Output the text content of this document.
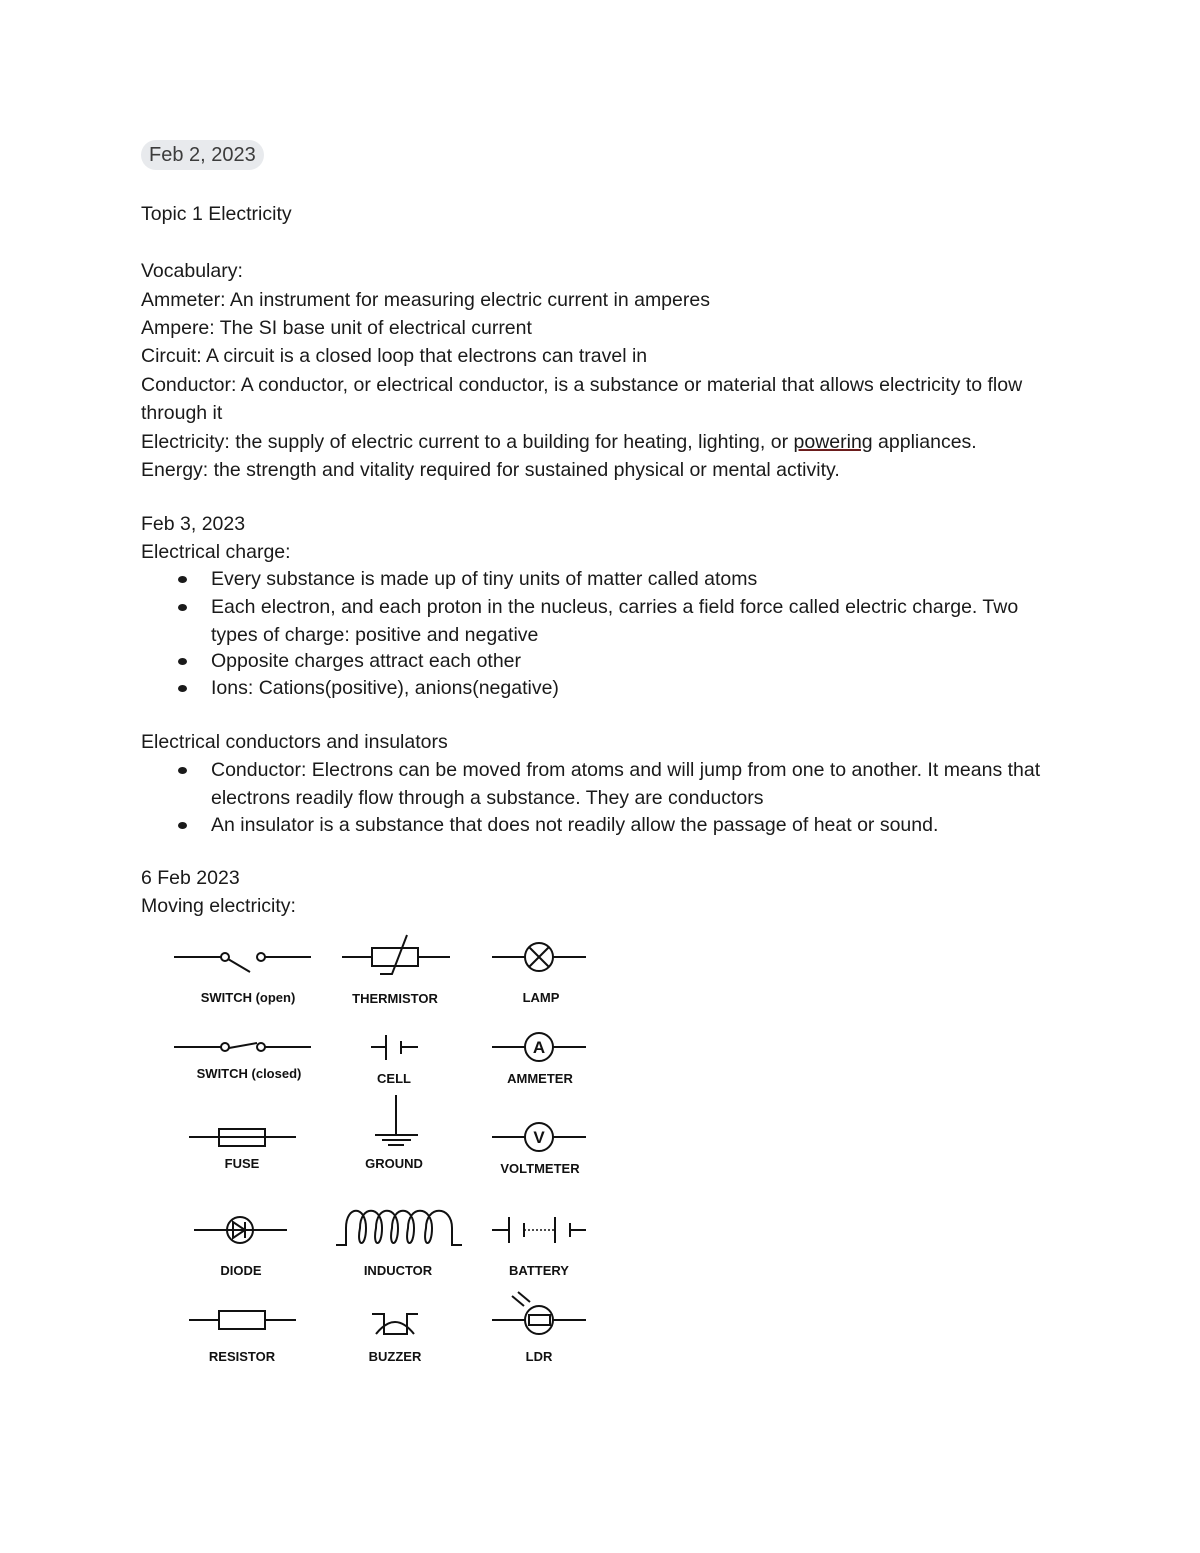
Feb 2, 2023
Topic 1 Electricity
Vocabulary:
Ammeter: An instrument for measuring electric current in amperes
Ampere: The SI base unit of electrical current
Circuit: A circuit is a closed loop that electrons can travel in
Conductor: A conductor, or electrical conductor, is a substance or material that allows electricity to flow through it
Electricity: the supply of electric current to a building for heating, lighting, or powering appliances.
Energy: the strength and vitality required for sustained physical or mental activity.
Feb 3, 2023
Electrical charge:
Every substance is made up of tiny units of matter called atoms
Each electron, and each proton in the nucleus, carries a field force called electric charge. Two types of charge: positive and negative
Opposite charges attract each other
Ions: Cations(positive), anions(negative)
Electrical conductors and insulators
Conductor: Electrons can be moved from atoms and will jump from one to another. It means that electrons readily flow through a substance. They are conductors
An insulator is a substance that does not readily allow the passage of heat or sound.
6 Feb 2023
Moving electricity:
A
V
SWITCH (open)	THERMISTOR	LAMP
SWITCH (closed)	CELL	AMMETER
FUSE	GROUND	VOLTMETER
DIODE	INDUCTOR	BATTERY
RESISTOR	BUZZER	LDR
